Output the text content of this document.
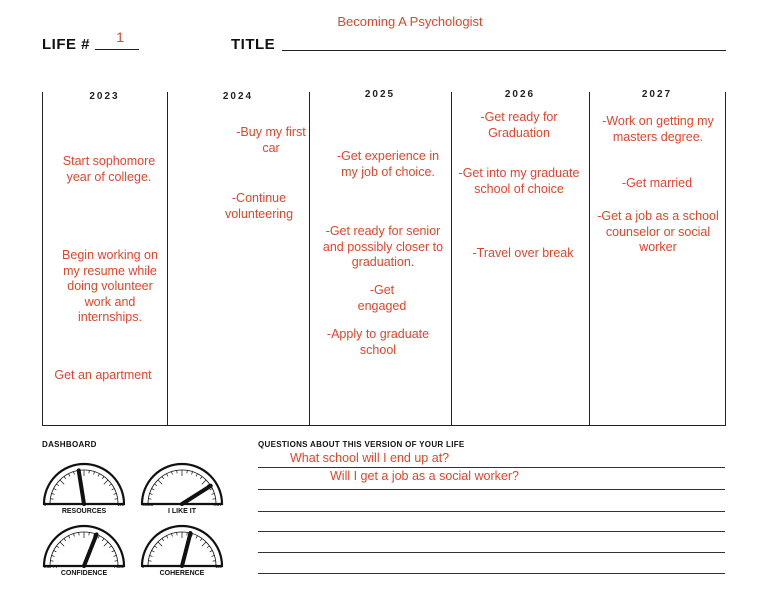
Becoming A Psychologist
LIFE #	1	TITLE
2023
Start sophomore year of college.
Begin working on my resume while doing volunteer work and internships.
Get an apartment
2024
-Buy my first car
-Continue volunteering
2025
-Get experience in my job of choice.
-Get ready for senior and possibly closer to graduation.
-Get engaged
-Apply to graduate school
2026
-Get ready for Graduation
-Get into my graduate school of choice
-Travel over break
2027
-Work on getting my masters degree.
-Get married
-Get a job as a school counselor or social worker
DASHBOARD
0	100
RESOURCES
COLD	HOT
I LIKE IT
EMPTY	FULL
CONFIDENCE
0	100
COHERENCE
QUESTIONS ABOUT THIS VERSION OF YOUR LIFE
What school will I end up at?
Will I get a job as a social worker?
